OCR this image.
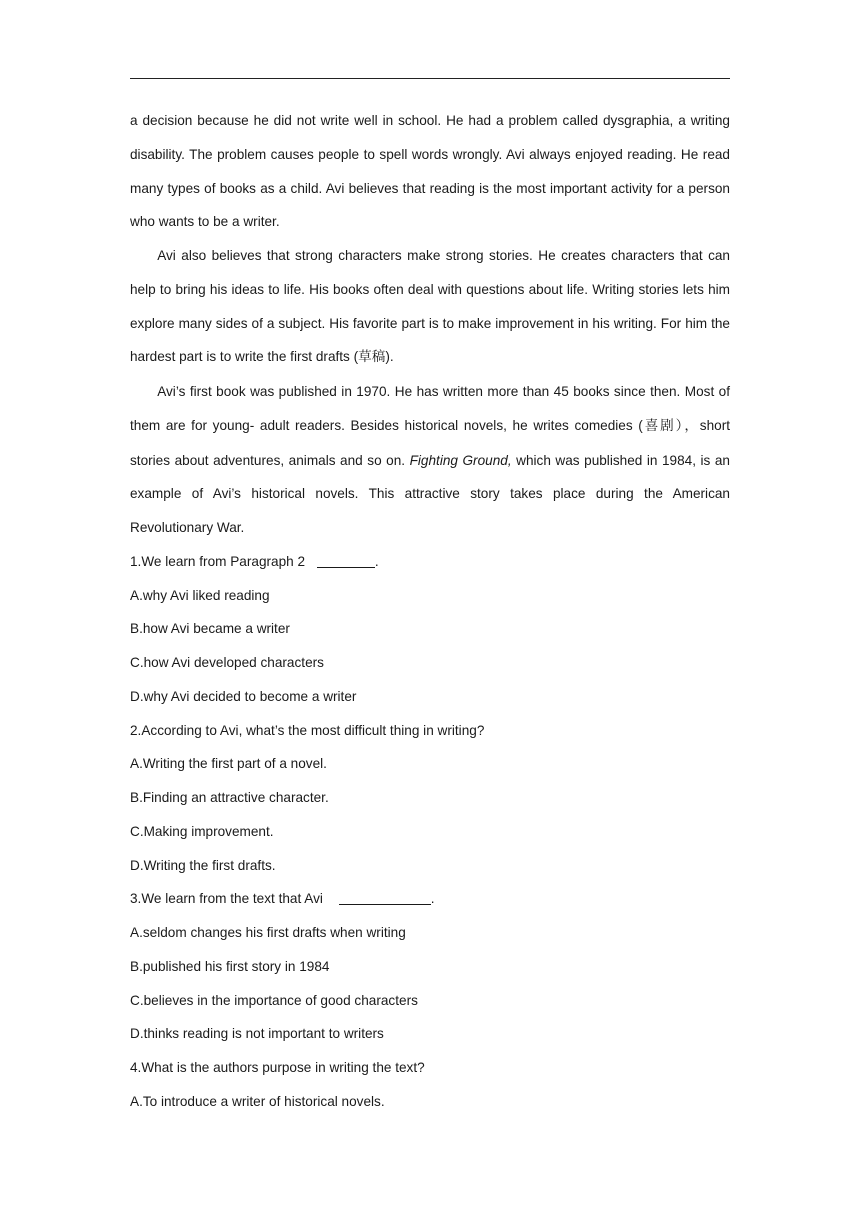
a decision because he did not write well in school. He had a problem called dysgraphia, a writing disability. The problem causes people to spell words wrongly. Avi always enjoyed reading. He read many types of books as a child. Avi believes that reading is the most important activity for a person who wants to be a writer.

Avi also believes that strong characters make strong stories. He creates characters that can help to bring his ideas to life. His books often deal with questions about life. Writing stories lets him explore many sides of a subject. His favorite part is to make improvement in his writing. For him the hardest part is to write the first drafts (草稿).

Avi’s first book was published in 1970. He has written more than 45 books since then. Most of them are for young- adult readers. Besides historical novels, he writes comedies (喜剧），short stories about adventures, animals and so on. Fighting Ground, which was published in 1984, is an example of Avi’s historical novels. This attractive story takes place during the American Revolutionary War.

1.We learn from Paragraph 2	.

A.why Avi liked reading

B.how Avi became a writer

C.how Avi developed characters

D.why Avi decided to become a writer

2.According to Avi, what’s the most difficult thing in writing?

A.Writing the first part of a novel.

B.Finding an attractive character.

C.Making improvement.

D.Writing the first drafts.

3.We learn from the text that Avi	.

A.seldom changes his first drafts when writing

B.published his first story in 1984

C.believes in the importance of good characters

D.thinks reading is not important to writers

4.What is the authors purpose in writing the text?

A.To introduce a writer of historical novels.
